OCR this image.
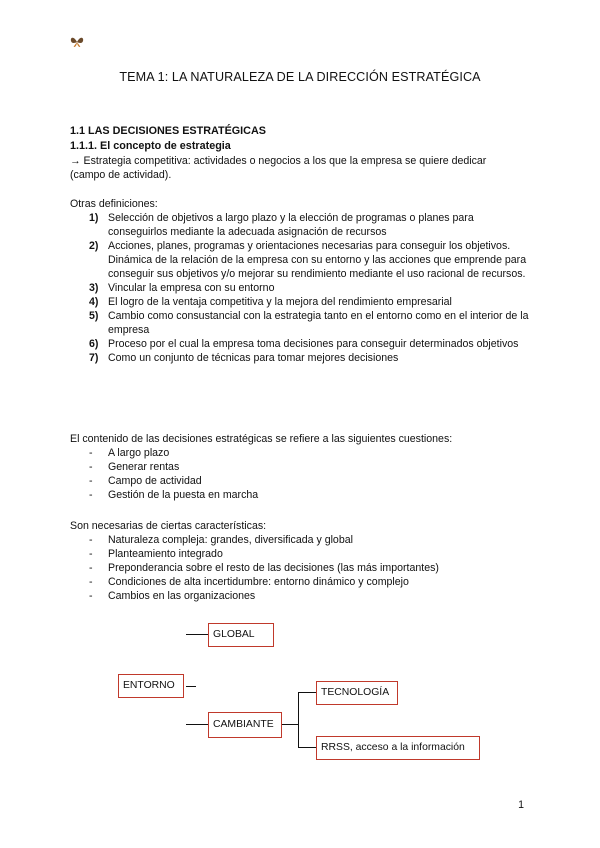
TEMA 1: LA NATURALEZA DE LA DIRECCIÓN ESTRATÉGICA
1.1 LAS DECISIONES ESTRATÉGICAS
1.1.1. El concepto de estrategia
→ Estrategia competitiva: actividades o negocios a los que la empresa se quiere dedicar
(campo de actividad).
Otras definiciones:
1) Selección de objetivos a largo plazo y la elección de programas o planes para conseguirlos mediante la adecuada asignación de recursos
2) Acciones, planes, programas y orientaciones necesarias para conseguir los objetivos. Dinámica de la relación de la empresa con su entorno y las acciones que emprende para conseguir sus objetivos y/o mejorar su rendimiento mediante el uso racional de recursos.
3) Vincular la empresa con su entorno
4) El logro de la ventaja competitiva y la mejora del rendimiento empresarial
5) Cambio como consustancial con la estrategia tanto en el entorno como en el interior de la empresa
6) Proceso por el cual la empresa toma decisiones para conseguir determinados objetivos
7) Como un conjunto de técnicas para tomar mejores decisiones
El contenido de las decisiones estratégicas se refiere a las siguientes cuestiones:
- A largo plazo
- Generar rentas
- Campo de actividad
- Gestión de la puesta en marcha
Son necesarias de ciertas características:
- Naturaleza compleja: grandes, diversificada y global
- Planteamiento integrado
- Preponderancia sobre el resto de las decisiones (las más importantes)
- Condiciones de alta incertidumbre: entorno dinámico y complejo
- Cambios en las organizaciones
GLOBAL
ENTORNO
CAMBIANTE
TECNOLOGÍA
RRSS, acceso a la información
1
